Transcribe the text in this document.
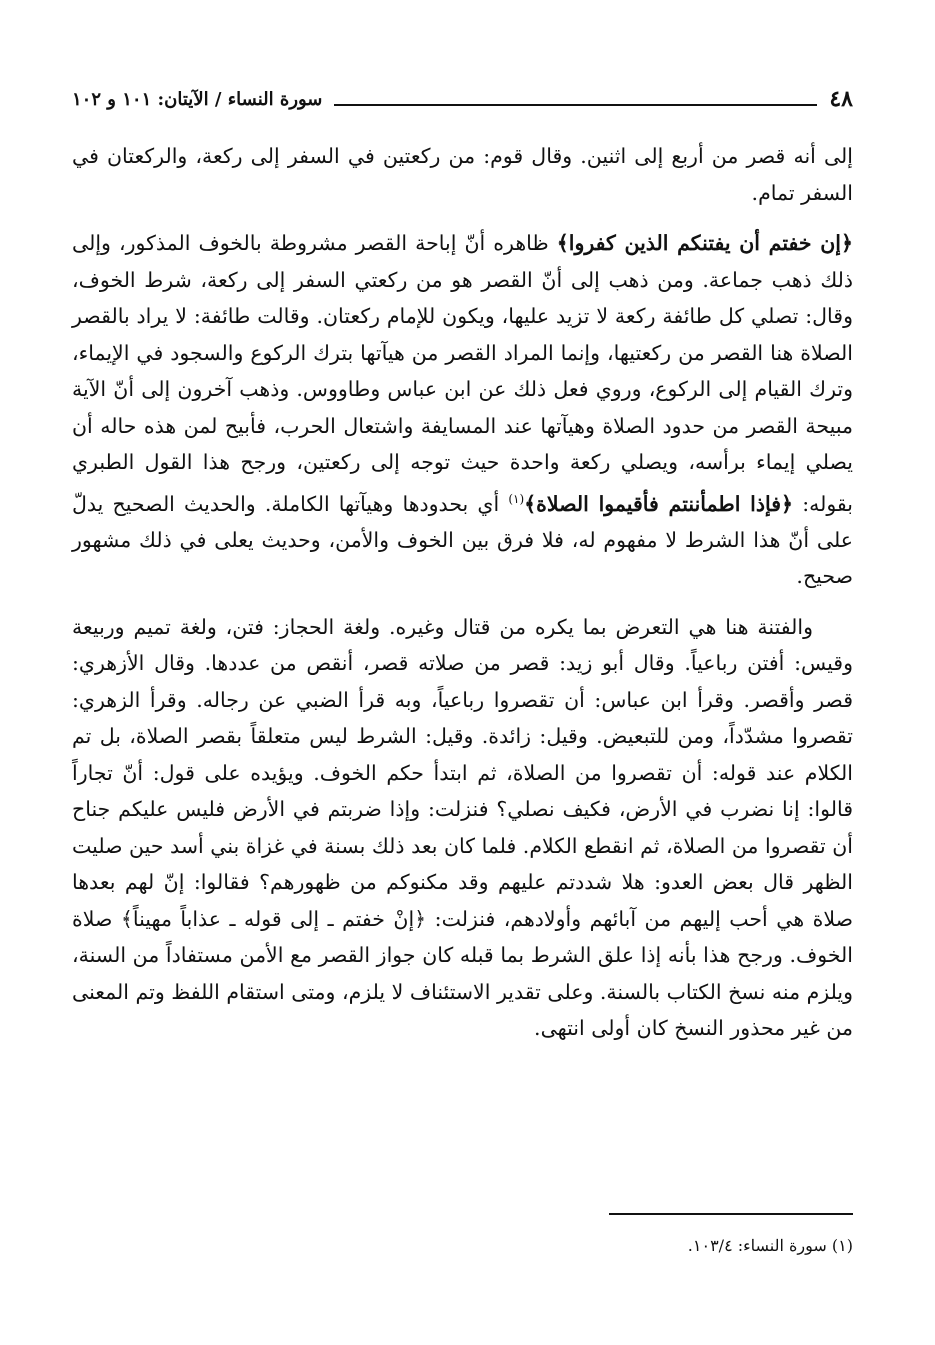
٤٨
سورة النساء / الآيتان: ١٠١ و ١٠٢

إلى أنه قصر من أربع إلى اثنين. وقال قوم: من ركعتين في السفر إلى ركعة، والركعتان في السفر تمام.

﴿إن خفتم أن يفتنكم الذين كفروا﴾ ظاهره أنّ إباحة القصر مشروطة بالخوف المذكور، وإلى ذلك ذهب جماعة. ومن ذهب إلى أنّ القصر هو من ركعتي السفر إلى ركعة، شرط الخوف، وقال: تصلي كل طائفة ركعة لا تزيد عليها، ويكون للإمام ركعتان. وقالت طائفة: لا يراد بالقصر الصلاة هنا القصر من ركعتيها، وإنما المراد القصر من هيآتها بترك الركوع والسجود في الإيماء، وترك القيام إلى الركوع، وروي فعل ذلك عن ابن عباس وطاووس. وذهب آخرون إلى أنّ الآية مبيحة القصر من حدود الصلاة وهيآتها عند المسايفة واشتعال الحرب، فأبيح لمن هذه حاله أن يصلي إيماء برأسه، ويصلي ركعة واحدة حيث توجه إلى ركعتين، ورجح هذا القول الطبري بقوله: ﴿فإذا اطمأننتم فأقيموا الصلاة﴾$^{(١)}$ أي بحدودها وهيآتها الكاملة. والحديث الصحيح يدلّ على أنّ هذا الشرط لا مفهوم له، فلا فرق بين الخوف والأمن، وحديث يعلى في ذلك مشهور صحيح.

والفتنة هنا هي التعرض بما يكره من قتال وغيره. ولغة الحجاز: فتن، ولغة تميم وربيعة وقيس: أفتن رباعياً. وقال أبو زيد: قصر من صلاته قصر، أنقص من عددها. وقال الأزهري: قصر وأقصر. وقرأ ابن عباس: أن تقصروا رباعياً، وبه قرأ الضبي عن رجاله. وقرأ الزهري: تقصروا مشدّداً، ومن للتبعيض. وقيل: زائدة. وقيل: الشرط ليس متعلقاً بقصر الصلاة، بل تم الكلام عند قوله: أن تقصروا من الصلاة، ثم ابتدأ حكم الخوف. ويؤيده على قول: أنّ تجاراً قالوا: إنا نضرب في الأرض، فكيف نصلي؟ فنزلت: وإذا ضربتم في الأرض فليس عليكم جناح أن تقصروا من الصلاة، ثم انقطع الكلام. فلما كان بعد ذلك بسنة في غزاة بني أسد حين صليت الظهر قال بعض العدو: هلا شددتم عليهم وقد مكنوكم من ظهورهم؟ فقالوا: إنّ لهم بعدها صلاة هي أحب إليهم من آبائهم وأولادهم، فنزلت: ﴿إنْ خفتم ـ إلى قوله ـ عذاباً مهيناً﴾ صلاة الخوف. ورجح هذا بأنه إذا علق الشرط بما قبله كان جواز القصر مع الأمن مستفاداً من السنة، ويلزم منه نسخ الكتاب بالسنة. وعلى تقدير الاستئناف لا يلزم، ومتى استقام اللفظ وتم المعنى من غير محذور النسخ كان أولى انتهى.

(١) سورة النساء: ١٠٣/٤.
